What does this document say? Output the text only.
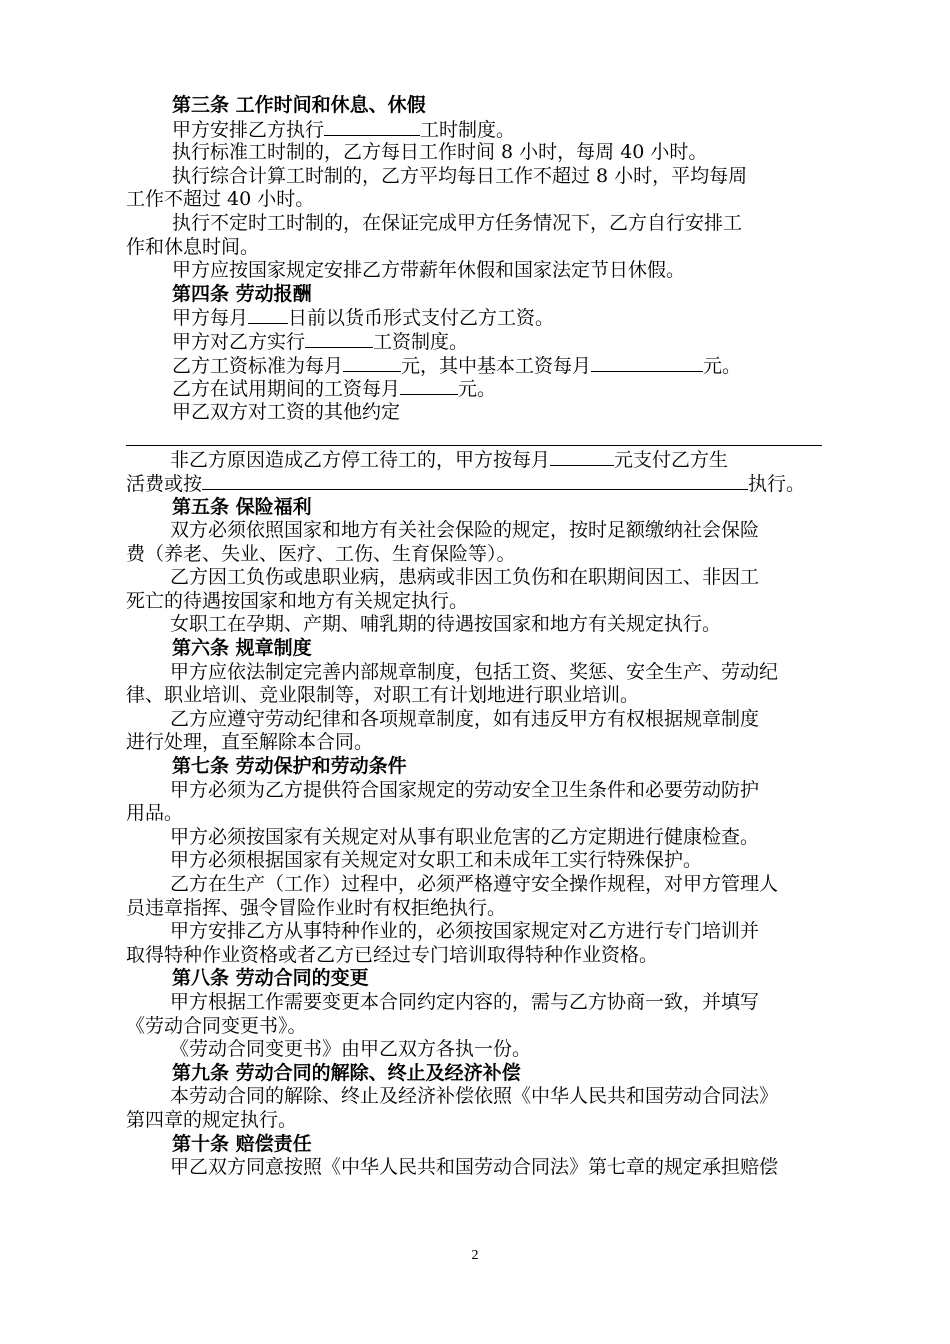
第三条 工作时间和休息、休假
甲方安排乙方执行	工时制度。
执行标准工时制的，乙方每日工作时间 8 小时，每周 40 小时。
执行综合计算工时制的，乙方平均每日工作不超过 8 小时，平均每周
工作不超过 40 小时。
执行不定时工时制的，在保证完成甲方任务情况下，乙方自行安排工
作和休息时间。
甲方应按国家规定安排乙方带薪年休假和国家法定节日休假。
第四条 劳动报酬
甲方每月 日前以货币形式支付乙方工资。
甲方对乙方实行	工资制度。
乙方工资标准为每月	元，其中基本工资每月	元。
乙方在试用期间的工资每月	元。
甲乙双方对工资的其他约定
非乙方原因造成乙方停工待工的，甲方按每月	元支付乙方生
活费或按	执行。
第五条 保险福利
双方必须依照国家和地方有关社会保险的规定，按时足额缴纳社会保险
费（养老、失业、医疗、工伤、生育保险等）。
乙方因工负伤或患职业病，患病或非因工负伤和在职期间因工、非因工
死亡的待遇按国家和地方有关规定执行。
女职工在孕期、产期、哺乳期的待遇按国家和地方有关规定执行。
第六条 规章制度
甲方应依法制定完善内部规章制度，包括工资、奖惩、安全生产、劳动纪
律、职业培训、竞业限制等，对职工有计划地进行职业培训。
乙方应遵守劳动纪律和各项规章制度，如有违反甲方有权根据规章制度
进行处理，直至解除本合同。
第七条 劳动保护和劳动条件
甲方必须为乙方提供符合国家规定的劳动安全卫生条件和必要劳动防护
用品。
甲方必须按国家有关规定对从事有职业危害的乙方定期进行健康检查。
甲方必须根据国家有关规定对女职工和未成年工实行特殊保护。
乙方在生产（工作）过程中，必须严格遵守安全操作规程，对甲方管理人
员违章指挥、强令冒险作业时有权拒绝执行。
甲方安排乙方从事特种作业的，必须按国家规定对乙方进行专门培训并
取得特种作业资格或者乙方已经过专门培训取得特种作业资格。
第八条 劳动合同的变更
甲方根据工作需要变更本合同约定内容的，需与乙方协商一致，并填写
《劳动合同变更书》。
《劳动合同变更书》由甲乙双方各执一份。
第九条 劳动合同的解除、终止及经济补偿
本劳动合同的解除、终止及经济补偿依照《中华人民共和国劳动合同法》
第四章的规定执行。
第十条 赔偿责任
甲乙双方同意按照《中华人民共和国劳动合同法》第七章的规定承担赔偿
2
